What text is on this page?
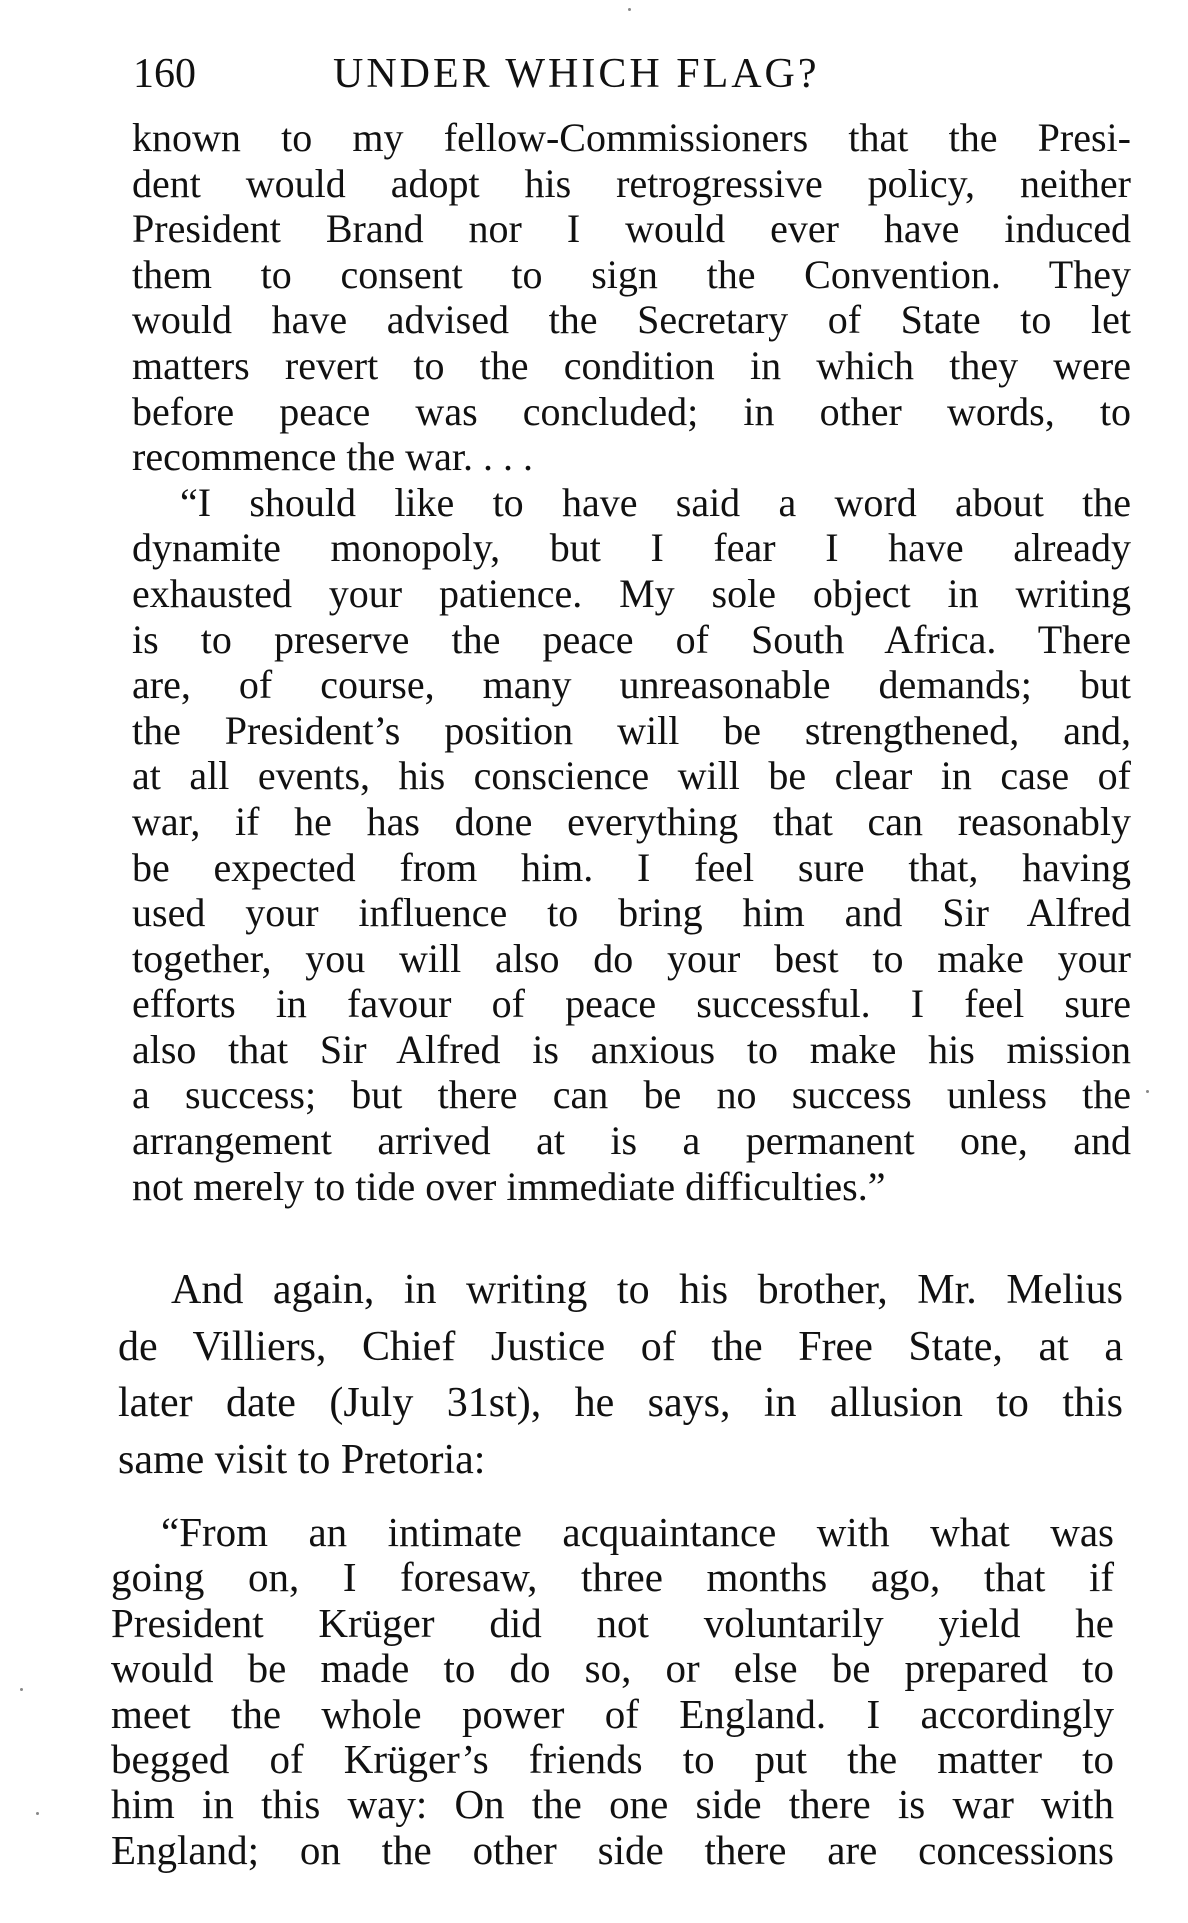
160	UNDER WHICH FLAG?
known to my fellow-Commissioners that the Presi-
dent would adopt his retrogressive policy, neither
President Brand nor I would ever have induced
them to consent to sign the Convention. They
would have advised the Secretary of State to let
matters revert to the condition in which they were
before peace was concluded; in other words, to
recommence the war. . . .
“I should like to have said a word about the
dynamite monopoly, but I fear I have already
exhausted your patience. My sole object in writing
is to preserve the peace of South Africa. There
are, of course, many unreasonable demands; but
the President’s position will be strengthened, and,
at all events, his conscience will be clear in case of
war, if he has done everything that can reasonably
be expected from him. I feel sure that, having
used your influence to bring him and Sir Alfred
together, you will also do your best to make your
efforts in favour of peace successful. I feel sure
also that Sir Alfred is anxious to make his mission
a success; but there can be no success unless the
arrangement arrived at is a permanent one, and
not merely to tide over immediate difficulties.”
And again, in writing to his brother, Mr. Melius
de Villiers, Chief Justice of the Free State, at a
later date (July 31st), he says, in allusion to this
same visit to Pretoria:
“From an intimate acquaintance with what was
going on, I foresaw, three months ago, that if
President Krüger did not voluntarily yield he
would be made to do so, or else be prepared to
meet the whole power of England. I accordingly
begged of Krüger’s friends to put the matter to
him in this way: On the one side there is war with
England; on the other side there are concessions
